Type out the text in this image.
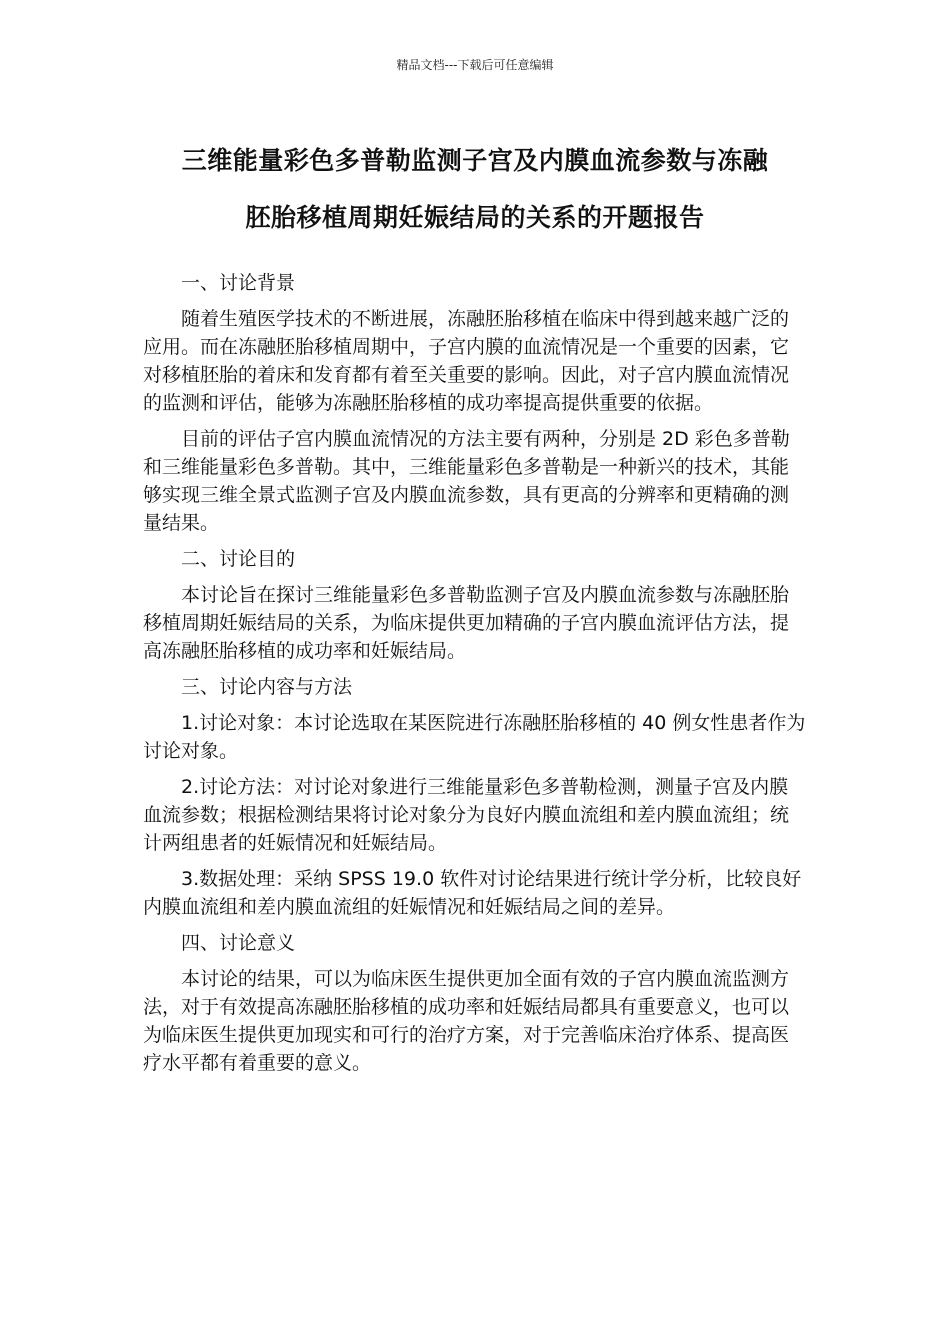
精品文档---下载后可任意编辑
三维能量彩色多普勒监测子宫及内膜血流参数与冻融
胚胎移植周期妊娠结局的关系的开题报告

一、讨论背景

随着生殖医学技术的不断进展，冻融胚胎移植在临床中得到越来越广泛的应用。而在冻融胚胎移植周期中，子宫内膜的血流情况是一个重要的因素，它对移植胚胎的着床和发育都有着至关重要的影响。因此，对子宫内膜血流情况的监测和评估，能够为冻融胚胎移植的成功率提高提供重要的依据。

目前的评估子宫内膜血流情况的方法主要有两种，分别是 2D 彩色多普勒和三维能量彩色多普勒。其中，三维能量彩色多普勒是一种新兴的技术，其能够实现三维全景式监测子宫及内膜血流参数，具有更高的分辨率和更精确的测量结果。

二、讨论目的

本讨论旨在探讨三维能量彩色多普勒监测子宫及内膜血流参数与冻融胚胎移植周期妊娠结局的关系，为临床提供更加精确的子宫内膜血流评估方法，提高冻融胚胎移植的成功率和妊娠结局。

三、讨论内容与方法

1.讨论对象：本讨论选取在某医院进行冻融胚胎移植的 40 例女性患者作为讨论对象。

2.讨论方法：对讨论对象进行三维能量彩色多普勒检测，测量子宫及内膜血流参数；根据检测结果将讨论对象分为良好内膜血流组和差内膜血流组；统计两组患者的妊娠情况和妊娠结局。

3.数据处理：采纳 SPSS 19.0 软件对讨论结果进行统计学分析，比较良好内膜血流组和差内膜血流组的妊娠情况和妊娠结局之间的差异。

四、讨论意义

本讨论的结果，可以为临床医生提供更加全面有效的子宫内膜血流监测方法，对于有效提高冻融胚胎移植的成功率和妊娠结局都具有重要意义，也可以为临床医生提供更加现实和可行的治疗方案，对于完善临床治疗体系、提高医疗水平都有着重要的意义。
